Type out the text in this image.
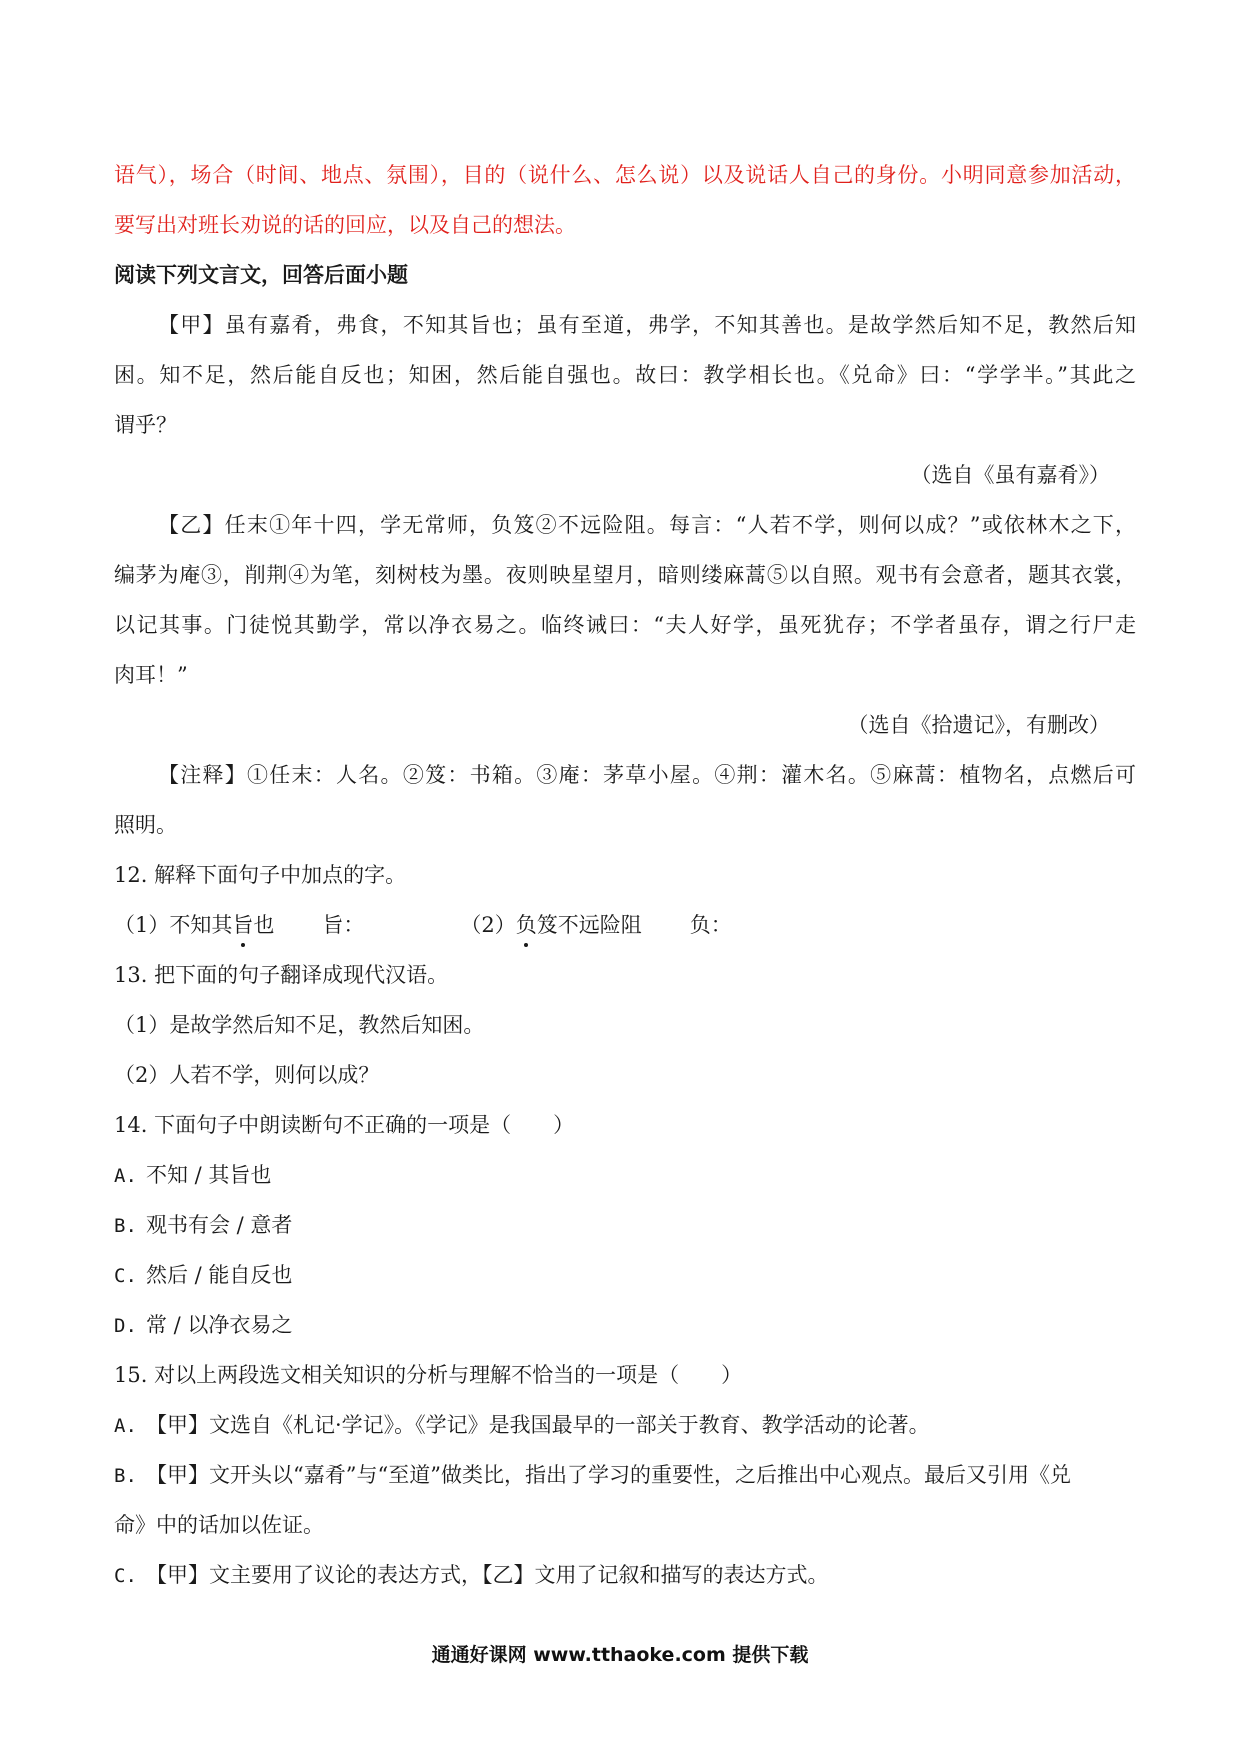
语气），场合（时间、地点、氛围），目的（说什么、怎么说）以及说话人自己的身份。小明同意参加活动，
要写出对班长劝说的话的回应，以及自己的想法。
阅读下列文言文，回答后面小题
【甲】虽有嘉肴，弗食，不知其旨也；虽有至道，弗学，不知其善也。是故学然后知不足，教然后知
困。知不足，然后能自反也；知困，然后能自强也。故曰：教学相长也。《兑命》曰：“学学半。”其此之
谓乎？
（选自《虽有嘉肴》）
【乙】任末①年十四，学无常师，负笈②不远险阻。每言：“人若不学，则何以成？”或依林木之下，
编茅为庵③，削荆④为笔，刻树枝为墨。夜则映星望月，暗则缕麻蒿⑤以自照。观书有会意者，题其衣裳，
以记其事。门徒悦其勤学，常以净衣易之。临终诫曰：“夫人好学，虽死犹存；不学者虽存，谓之行尸走
肉耳！”
（选自《拾遗记》，有删改）
【注释】①任末：人名。②笈：书箱。③庵：茅草小屋。④荆：灌木名。⑤麻蒿：植物名，点燃后可
照明。
12. 解释下面句子中加点的字。
（1）不知其旨也 旨：	（2）负笈不远险阻 负：
13. 把下面的句子翻译成现代汉语。
（1）是故学然后知不足，教然后知困。
（2）人若不学，则何以成？
14. 下面句子中朗读断句不正确的一项是（　　）
A. 不知 / 其旨也
B. 观书有会 / 意者
C. 然后 / 能自反也
D. 常 / 以净衣易之
15. 对以上两段选文相关知识的分析与理解不恰当的一项是（　　）
A. 【甲】文选自《札记·学记》。《学记》是我国最早的一部关于教育、教学活动的论著。
B. 【甲】文开头以“嘉肴”与“至道”做类比，指出了学习的重要性，之后推出中心观点。最后又引用《兑
命》中的话加以佐证。
C. 【甲】文主要用了议论的表达方式，【乙】文用了记叙和描写的表达方式。
通通好课网 www.tthaoke.com 提供下载
